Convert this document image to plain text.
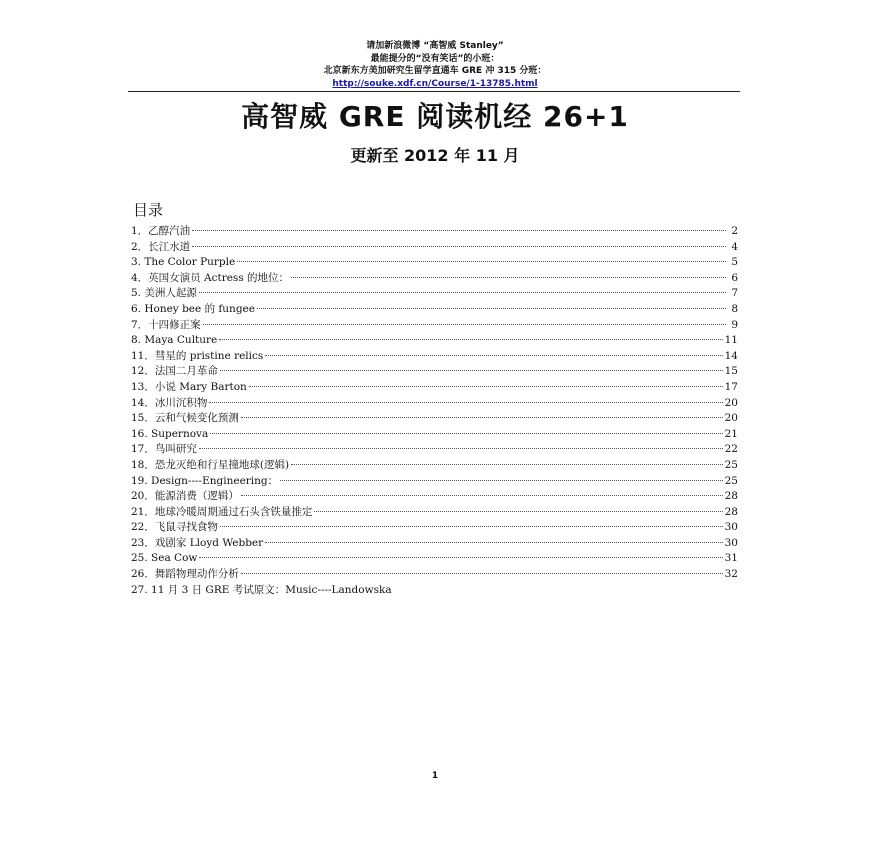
请加新浪微博 “高智威 Stanley”
最能提分的“没有笑话”的小班：
北京新东方美加研究生留学直通车 GRE 冲 315 分班：
http://souke.xdf.cn/Course/1-13785.html
高智威 GRE 阅读机经 26+1
更新至 2012 年 11 月
目录
1．乙醇汽油	2
2．长江水道	4
3. The Color Purple	5
4．英国女演员 Actress 的地位：	6
5. 美洲人起源	7
6. Honey bee 的 fungee	8
7．十四修正案	9
8. Maya Culture	11
11．彗星的 pristine relics	14
12．法国二月革命	15
13．小说 Mary Barton	17
14．冰川沉积物	20
15．云和气候变化预测	20
16. Supernova	21
17．鸟叫研究	22
18．恐龙灭绝和行星撞地球(逻辑)	25
19. Design----Engineering：	25
20．能源消费（逻辑）	28
21．地球冷暖周期通过石头含铁量推定	28
22．飞鼠寻找食物	30
23．戏剧家 Lloyd Webber	30
25. Sea Cow	31
26．舞蹈物理动作分析	32
27. 11 月 3 日 GRE 考试原文：Music----Landowska
1
